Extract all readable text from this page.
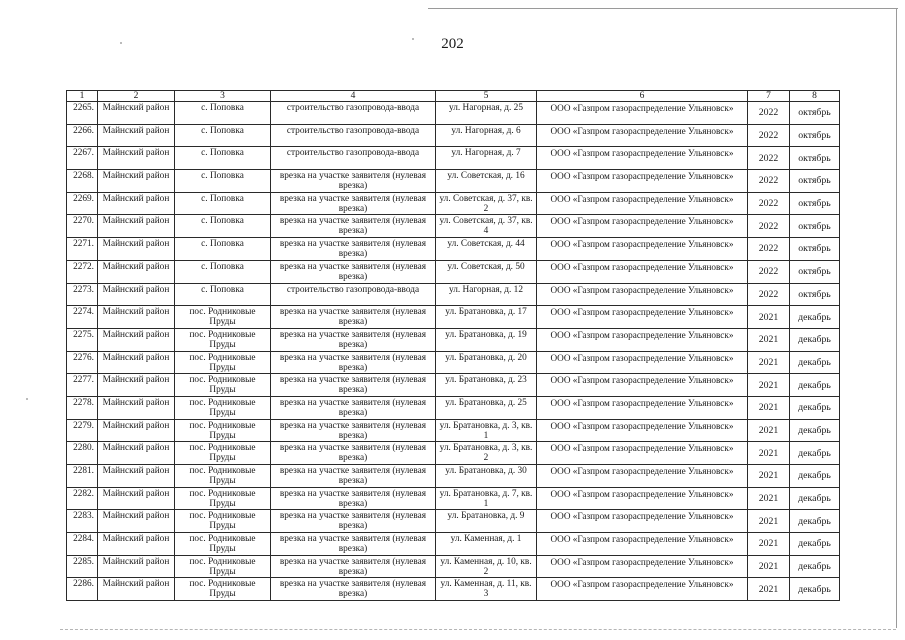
202
1	2	3	4	5	6	7	8
2265.	Майнский район	с. Поповка	строительство газопровода-ввода	ул. Нагорная, д. 25	ООО «Газпром газораспределение Ульяновск»	2022	октябрь
2266.	Майнский район	с. Поповка	строительство газопровода-ввода	ул. Нагорная, д. 6	ООО «Газпром газораспределение Ульяновск»	2022	октябрь
2267.	Майнский район	с. Поповка	строительство газопровода-ввода	ул. Нагорная, д. 7	ООО «Газпром газораспределение Ульяновск»	2022	октябрь
2268.	Майнский район	с. Поповка	врезка на участке заявителя (нулевая врезка)	ул. Советская, д. 16	ООО «Газпром газораспределение Ульяновск»	2022	октябрь
2269.	Майнский район	с. Поповка	врезка на участке заявителя (нулевая врезка)	ул. Советская, д. 37, кв. 2	ООО «Газпром газораспределение Ульяновск»	2022	октябрь
2270.	Майнский район	с. Поповка	врезка на участке заявителя (нулевая врезка)	ул. Советская, д. 37, кв. 4	ООО «Газпром газораспределение Ульяновск»	2022	октябрь
2271.	Майнский район	с. Поповка	врезка на участке заявителя (нулевая врезка)	ул. Советская, д. 44	ООО «Газпром газораспределение Ульяновск»	2022	октябрь
2272.	Майнский район	с. Поповка	врезка на участке заявителя (нулевая врезка)	ул. Советская, д. 50	ООО «Газпром газораспределение Ульяновск»	2022	октябрь
2273.	Майнский район	с. Поповка	строительство газопровода-ввода	ул. Нагорная, д. 12	ООО «Газпром газораспределение Ульяновск»	2022	октябрь
2274.	Майнский район	пос. Родниковые Пруды	врезка на участке заявителя (нулевая врезка)	ул. Братановка, д. 17	ООО «Газпром газораспределение Ульяновск»	2021	декабрь
2275.	Майнский район	пос. Родниковые Пруды	врезка на участке заявителя (нулевая врезка)	ул. Братановка, д. 19	ООО «Газпром газораспределение Ульяновск»	2021	декабрь
2276.	Майнский район	пос. Родниковые Пруды	врезка на участке заявителя (нулевая врезка)	ул. Братановка, д. 20	ООО «Газпром газораспределение Ульяновск»	2021	декабрь
2277.	Майнский район	пос. Родниковые Пруды	врезка на участке заявителя (нулевая врезка)	ул. Братановка, д. 23	ООО «Газпром газораспределение Ульяновск»	2021	декабрь
2278.	Майнский район	пос. Родниковые Пруды	врезка на участке заявителя (нулевая врезка)	ул. Братановка, д. 25	ООО «Газпром газораспределение Ульяновск»	2021	декабрь
2279.	Майнский район	пос. Родниковые Пруды	врезка на участке заявителя (нулевая врезка)	ул. Братановка, д. 3, кв. 1	ООО «Газпром газораспределение Ульяновск»	2021	декабрь
2280.	Майнский район	пос. Родниковые Пруды	врезка на участке заявителя (нулевая врезка)	ул. Братановка, д. 3, кв. 2	ООО «Газпром газораспределение Ульяновск»	2021	декабрь
2281.	Майнский район	пос. Родниковые Пруды	врезка на участке заявителя (нулевая врезка)	ул. Братановка, д. 30	ООО «Газпром газораспределение Ульяновск»	2021	декабрь
2282.	Майнский район	пос. Родниковые Пруды	врезка на участке заявителя (нулевая врезка)	ул. Братановка, д. 7, кв. 1	ООО «Газпром газораспределение Ульяновск»	2021	декабрь
2283.	Майнский район	пос. Родниковые Пруды	врезка на участке заявителя (нулевая врезка)	ул. Братановка, д. 9	ООО «Газпром газораспределение Ульяновск»	2021	декабрь
2284.	Майнский район	пос. Родниковые Пруды	врезка на участке заявителя (нулевая врезка)	ул. Каменная, д. 1	ООО «Газпром газораспределение Ульяновск»	2021	декабрь
2285.	Майнский район	пос. Родниковые Пруды	врезка на участке заявителя (нулевая врезка)	ул. Каменная, д. 10, кв. 2	ООО «Газпром газораспределение Ульяновск»	2021	декабрь
2286.	Майнский район	пос. Родниковые Пруды	врезка на участке заявителя (нулевая врезка)	ул. Каменная, д. 11, кв. 3	ООО «Газпром газораспределение Ульяновск»	2021	декабрь
